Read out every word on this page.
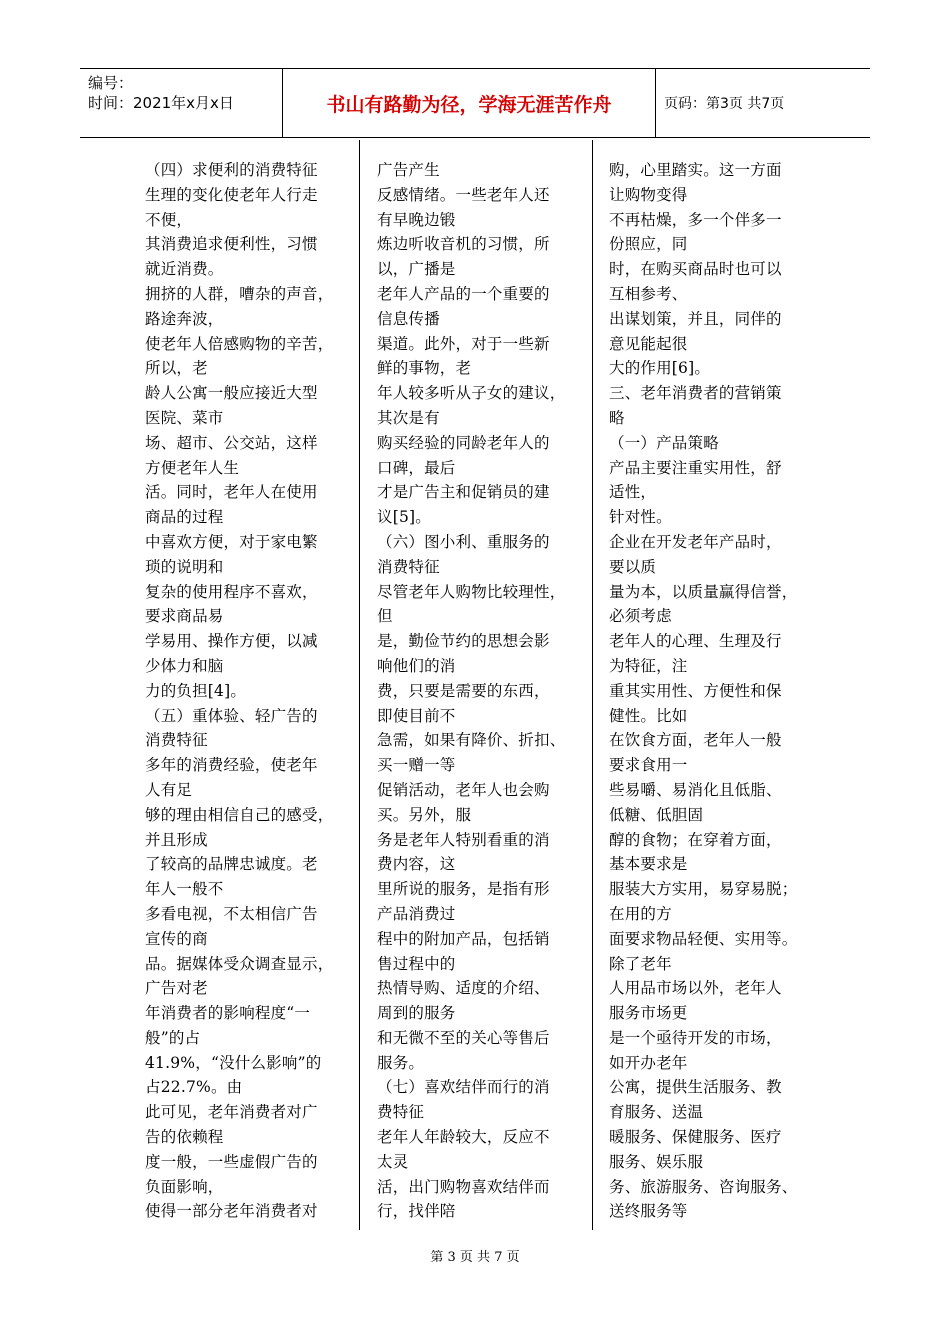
编号：
时间：2021年x月x日	书山有路勤为径，学海无涯苦作舟	页码：第3页 共7页
（四）求便利的消费特征
生理的变化使老年人行走
不便，
其消费追求便利性，习惯
就近消费。
拥挤的人群，嘈杂的声音，
路途奔波，
使老年人倍感购物的辛苦，
所以，老
龄人公寓一般应接近大型
医院、菜市
场、超市、公交站，这样
方便老年人生
活。同时，老年人在使用
商品的过程
中喜欢方便，对于家电繁
琐的说明和
复杂的使用程序不喜欢，
要求商品易
学易用、操作方便，以减
少体力和脑
力的负担[4]。
（五）重体验、轻广告的
消费特征
多年的消费经验，使老年
人有足
够的理由相信自己的感受，
并且形成
了较高的品牌忠诚度。老
年人一般不
多看电视，不太相信广告
宣传的商
品。据媒体受众调查显示，
广告对老
年消费者的影响程度“一
般”的占
41.9%，“没什么影响”的
占22.7%。由
此可见，老年消费者对广
告的依赖程
度一般，一些虚假广告的
负面影响，
使得一部分老年消费者对
广告产生
反感情绪。一些老年人还
有早晚边锻
炼边听收音机的习惯，所
以，广播是
老年人产品的一个重要的
信息传播
渠道。此外，对于一些新
鲜的事物，老
年人较多听从子女的建议，
其次是有
购买经验的同龄老年人的
口碑，最后
才是广告主和促销员的建
议[5]。
（六）图小利、重服务的
消费特征
尽管老年人购物比较理性，
但
是，勤俭节约的思想会影
响他们的消
费，只要是需要的东西，
即使目前不
急需，如果有降价、折扣、
买一赠一等
促销活动，老年人也会购
买。另外，服
务是老年人特别看重的消
费内容，这
里所说的服务，是指有形
产品消费过
程中的附加产品，包括销
售过程中的
热情导购、适度的介绍、
周到的服务
和无微不至的关心等售后
服务。
（七）喜欢结伴而行的消
费特征
老年人年龄较大，反应不
太灵
活，出门购物喜欢结伴而
行，找伴陪
购，心里踏实。这一方面
让购物变得
不再枯燥，多一个伴多一
份照应，同
时，在购买商品时也可以
互相参考、
出谋划策，并且，同伴的
意见能起很
大的作用[6]。
三、老年消费者的营销策
略
（一）产品策略
产品主要注重实用性，舒
适性，
针对性。
企业在开发老年产品时，
要以质
量为本，以质量赢得信誉，
必须考虑
老年人的心理、生理及行
为特征，注
重其实用性、方便性和保
健性。比如
在饮食方面，老年人一般
要求食用一
些易嚼、易消化且低脂、
低糖、低胆固
醇的食物；在穿着方面，
基本要求是
服装大方实用，易穿易脱；
在用的方
面要求物品轻便、实用等。
除了老年
人用品市场以外，老年人
服务市场更
是一个亟待开发的市场，
如开办老年
公寓，提供生活服务、教
育服务、送温
暖服务、保健服务、医疗
服务、娱乐服
务、旅游服务、咨询服务、
送终服务等
第 3 页 共 7 页
